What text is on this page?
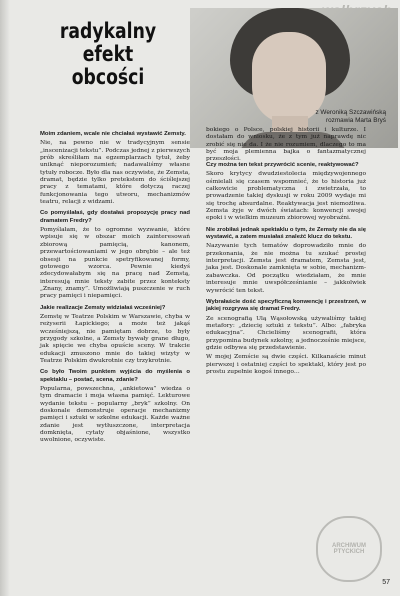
radykalny
efekt
obcości
z Weroniką Szczawińską
rozmawia Marta Bryś
bokiego o Polsce, polskiej historii i kulturze. I dostałam do wniosku, że z tym już naprawdę nic zrobić się nie da. I że nie rozumiem, dlaczego to ma być moja plemienna bajka o fantazmatycznej przeszłości.

Moim zdaniem, wcale nie chciałaś wystawić Zemsty.

Nie, na pewno nie w tradycyjnym sensie „inscenizacji tekstu”. Podczas jednej z pierwszych prób skreśliłam na egzemplarzach tytuł, żeby uniknąć nieporozumień; nadawaliśmy własne tytuły robocze. Było dla nas oczywiste, że Zemsta, dramat, będzie tylko pretekstem do ściślejszej pracy z tematami, które dotyczą raczej funkcjonowania tego utworu, mechanizmów teatru, relacji z widzami.

Co pomyślałaś, gdy dostałaś propozycję pracy nad dramatem Fredry?

Pomyślałam, że to ogromne wyzwanie, które wpisuje się w obszar moich zainteresowań zbiorową pamięcią, kanonem, przewartościowaniami w jego obrębie – ale też obsesji na punkcie spetryfikowanej formy, gotowego wzorca. Pewnie kiedyś zdecydowałabym się na pracę nad Zemstą, interesują mnie teksty zabite przez konteksty „Znany, znamy”. Umożliwiają puszczenie w ruch pracy pamięci i niepamięci.

Jakie realizacje Zemsty widziałaś wcześniej?

Zemstę w Teatrze Polskim w Warszawie, chyba w reżyserii Łapickiego; a może też jakąś wcześniejszą, nie pamiętam dobrze, to były przygody szkolne, a Zemsty bywały grane długo, jak spięcie we chyba opuście sceny. W trakcie edukacji zmuszono mnie do takiej wizyty w Teatrze Polskim dwukrotnie czy trzykrotnie.

Co było Twoim punktem wyjścia do myślenia o spektaklu – postać, scena, zdanie?

Popularna, powszechna, „ankietowa” wiedza o tym dramacie i moja własna pamięć. Lekturowe wydanie tekstu – popularny „bryk” szkolny. On doskonale demonstruje operacje mechanizmy pamięci i sztuki w szkolne edukacji. Każde ważne zdanie jest wytłuszczone, interpretacja domknięta, cytaty objaśnione, wszystko uwolnione, oczywiste.

Czy można ten tekst przywrócić scenie, reaktywować?

Skoro krytycy dwudziestolecia międzywojennego ośmielali się czasem wspomnieć, że to historia już całkowicie problematyczna i zwietrzała, to prowadzenie takiej dyskusji w roku 2009 wydaje mi się trochę absurdalne. Reaktywacja jest niemożliwa. Zemsta żyje w dwóch światach: konwencji swojej epoki i w wielkim muzeum zbiorowej wyobraźni.

Nie zrobiłaś jednak spektaklu o tym, że Zemsty nie da się wystawić, a zatem musiałaś znaleźć klucz do tekstu.

Nazywanie tych tematów doprowadziło mnie do przekonania, że nie można tu szukać prostej interpretacji. Zemsta jest dramatem, Zemsta jest, jaka jest. Doskonale zamknięta w sobie, mechanizm-zabawczka. Od początku wiedziałam, że mnie interesuje mnie uwspółcześnianie – jakkolwiek wywrócić ten tekst.

Wybrałaście dość specyficzną konwencję i przestrzeń, w jakiej rozgrywa się dramat Fredry.

Ze scenografią Ulą Wąsołowską używaliśmy takiej metafory: „dziecię sztuki z tekstu”. Albo: „fabryka edukacyjna”. Chcieliśmy scenografii, która przypomina budynek szkolny, a jednocześnie miejsce, gdzie odbywa się przedstawienie.

W mojej Zemście są dwie części. Kilkanaście minut pierwszej i ostatniej części to spektakl, który jest po prostu zupełnie kogoś innego…

ARCHIWUM PTYCKICH
57
